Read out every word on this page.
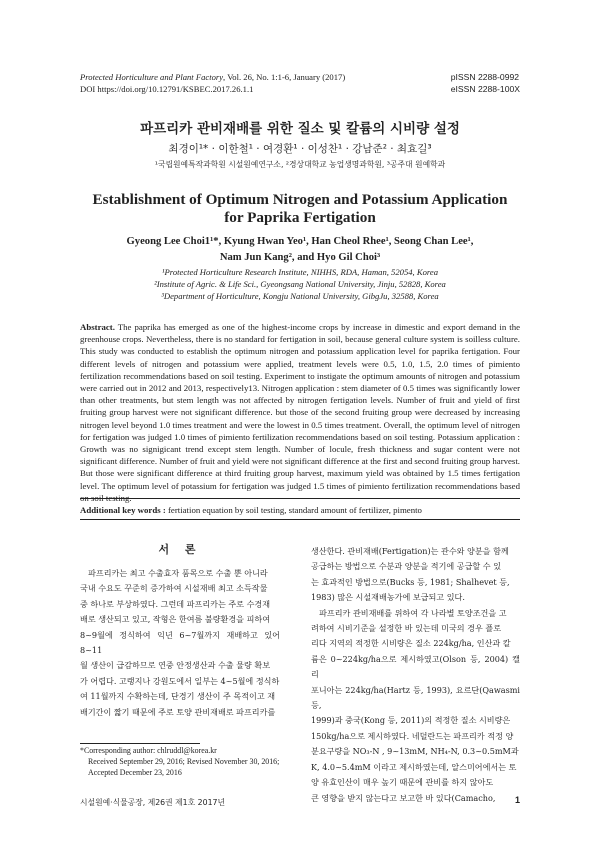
Protected Horticulture and Plant Factory, Vol. 26, No. 1:1-6, January (2017)
DOI https://doi.org/10.12791/KSBEC.2017.26.1.1
pISSN 2288-0992
eISSN 2288-100X
파프리카 관비재배를 위한 질소 및 칼륨의 시비량 설정
최경이¹* · 이한철¹ · 여경환¹ · 이성찬¹ · 강남준² · 최효길³
¹국립원예특작과학원 시설원예연구소, ²경상대학교 농업생명과학원, ³공주대 원예학과
Establishment of Optimum Nitrogen and Potassium Application
for Paprika Fertigation
Gyeong Lee Choi1¹*, Kyung Hwan Yeo¹, Han Cheol Rhee¹, Seong Chan Lee¹,
Nam Jun Kang², and Hyo Gil Choi³
¹Protected Horticulture Research Institute, NIHHS, RDA, Haman, 52054, Korea
²Institute of Agric. & Life Sci., Gyeongsang National University, Jinju, 52828, Korea
³Department of Horticulture, Kongju National University, GibgJu, 32588, Korea
Abstract. The paprika has emerged as one of the highest-income crops by increase in dimestic and export demand in the greenhouse crops. Nevertheless, there is no standard for fertigation in soil, because general culture system is soilless culture. This study was conducted to establish the optimum nitrogen and potassium application level for paprika fertigation. Four different levels of nitrogen and potassium were applied, treatment levels were 0.5, 1.0, 1.5, 2.0 times of pimiento fertilization recommendations based on soil testing. Experiment to instigate the optimum amounts of nitrogen and potassium were carried out in 2012 and 2013, respectively13. Nitrogen application : stem diameter of 0.5 times was significantly lower than other treatments, but stem length was not affected by nitrogen fertigation levels. Number of fruit and yield of first fruiting group harvest were not significant difference. but those of the second fruiting group were decreased by increasing nitrogen level beyond 1.0 times treatment and were the lowest in 0.5 times treatment. Overall, the optimum level of nitrogen for fertigation was judged 1.0 times of pimiento fertilization recommendations based on soil testing. Potassium application : Growth was no signigicant trend except stem length. Number of locule, fresh thickness and sugar content were not significant difference. Number of fruit and yield were not significant difference at the first and second fruiting group harvest. But those were significant difference at third fruiting group harvest, maximum yield was obtained by 1.5 times fertigation level. The optimum level of potassium for fertigation was judged 1.5 times of pimiento fertilization recommendations based on soil testing.
Additional key words : fertiation equation by soil testing, standard amount of fertilizer, pimento
서 론
　파프리카는 최고 수출효자 품목으로 수출 뿐 아니라
국내 수요도 꾸준히 증가하여 시설재배 최고 소득작물
중 하나로 부상하였다. 그런데 파프리카는 주로 수경재
배로 생산되고 있고, 작형은 한여름 불량환경을 피하여
8~9월에 정식하여 익년 6~7월까지 재배하고 있어 8~11
월 생산이 급감하므로 연중 안정생산과 수출 물량 확보
가 어렵다. 고랭지나 강원도에서 일부는 4~5월에 정식하
여 11월까지 수확하는데, 단경기 생산이 주 목적이고 재
배기간이 짧기 때문에 주로 토양 관비재배로 파프리카를
생산한다. 관비재배(Fertigation)는 관수와 양분을 함께
공급하는 방법으로 수분과 양분을 적기에 공급할 수 있
는 효과적인 방법으로(Bucks 등, 1981; Shalhevet 등,
1983) 많은 시설재배농가에 보급되고 있다.
　파프리카 관비재배를 위하여 각 나라별 토양조건을 고
려하여 시비기준을 설정한 바 있는데 미국의 경우 플로
리다 지역의 적정한 시비량은 질소 224kg/ha, 인산과 칼
륨은 0~224kg/ha으로 제시하였고(Olson 등, 2004) 캘리
포니아는 224kg/ha(Hartz 등, 1993), 요르단(Qawasmi 등,
1999)과 중국(Kong 등, 2011)의 적정한 질소 시비량은
150kg/ha으로 제시하였다. 네덜란드는 파프리카 적정 양
분요구량을 NO₃-N , 9~13mM, NH₄-N, 0.3~0.5mM과
K, 4.0~5.4mM 이라고 제시하였는데, 알스미어에서는 토
양 유효인산이 매우 높기 때문에 관비를 하지 않아도
큰 영향을 받지 않는다고 보고한 바 있다(Camacho,
*Corresponding author: chlruddl@korea.kr
Received September 29, 2016; Revised November 30, 2016;
Accepted December 23, 2016
시설원예·식물공장, 제26권 제1호 2017년	1
